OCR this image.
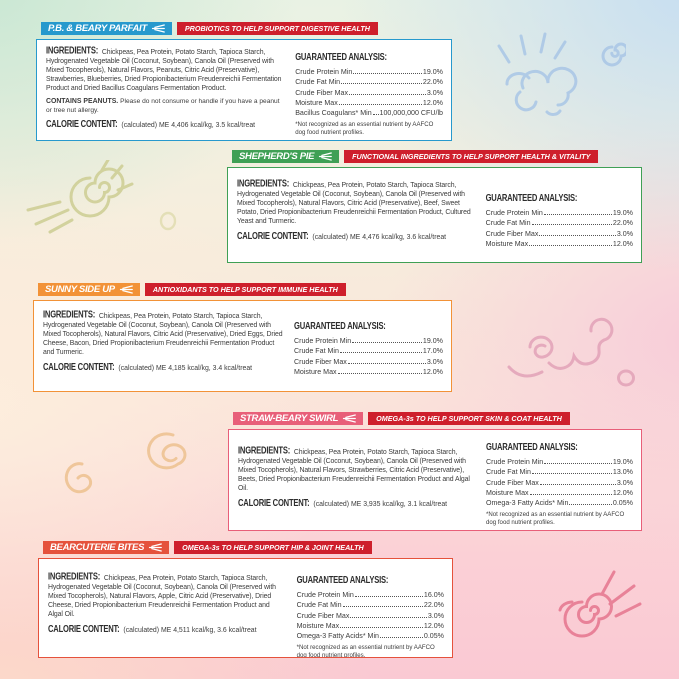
P.B. & BEARY PARFAIT	PROBIOTICS TO HELP SUPPORT DIGESTIVE HEALTH

INGREDIENTS: Chickpeas, Pea Protein, Potato Starch, Tapioca Starch, Hydrogenated Vegetable Oil (Coconut, Soybean), Canola Oil (Preserved with Mixed Tocopherols), Natural Flavors, Peanuts, Citric Acid (Preservative), Strawberries, Blueberries, Dried Propionibacterium Freudenreichii Fermentation Product and Dried Bacillus Coagulans Fermentation Product.

CONTAINS PEANUTS. Please do not consume or handle if you have a peanut or tree nut allergy.

CALORIE CONTENT: (calculated) ME 4,406 kcal/kg, 3.5 kcal/treat

GUARANTEED ANALYSIS:
Crude Protein Min	19.0%
Crude Fat Min	22.0%
Crude Fiber Max	3.0%
Moisture Max	12.0%
Bacillus Coagulans* Min 100,000,000 CFU/lb
*Not recognized as an essential nutrient by AAFCO dog food nutrient profiles.
SHEPHERD'S PIE	FUNCTIONAL INGREDIENTS TO HELP SUPPORT HEALTH & VITALITY

INGREDIENTS: Chickpeas, Pea Protein, Potato Starch, Tapioca Starch, Hydrogenated Vegetable Oil (Coconut, Soybean), Canola Oil (Preserved with Mixed Tocopherols), Natural Flavors, Citric Acid (Preservative), Beef, Sweet Potato, Dried Propionibacterium Freudenreichii Fermentation Product, Cultured Yeast and Turmeric.

CALORIE CONTENT: (calculated) ME 4,476 kcal/kg, 3.6 kcal/treat

GUARANTEED ANALYSIS:
Crude Protein Min	19.0%
Crude Fat Min	22.0%
Crude Fiber Max	3.0%
Moisture Max	12.0%
SUNNY SIDE UP	ANTIOXIDANTS TO HELP SUPPORT IMMUNE HEALTH

INGREDIENTS: Chickpeas, Pea Protein, Potato Starch, Tapioca Starch, Hydrogenated Vegetable Oil (Coconut, Soybean), Canola Oil (Preserved with Mixed Tocopherols), Natural Flavors, Citric Acid (Preservative), Dried Eggs, Dried Cheese, Bacon, Dried Propionibacterium Freudenreichii Fermentation Product and Turmeric.

CALORIE CONTENT: (calculated) ME 4,185 kcal/kg, 3.4 kcal/treat

GUARANTEED ANALYSIS:
Crude Protein Min	19.0%
Crude Fat Min	17.0%
Crude Fiber Max	3.0%
Moisture Max	12.0%
STRAW-BEARY SWIRL	OMEGA-3s TO HELP SUPPORT SKIN & COAT HEALTH

INGREDIENTS: Chickpeas, Pea Protein, Potato Starch, Tapioca Starch, Hydrogenated Vegetable Oil (Coconut, Soybean), Canola Oil (Preserved with Mixed Tocopherols), Natural Flavors, Strawberries, Citric Acid (Preservative), Beets, Dried Propionibacterium Freudenreichii Fermentation Product and Algal Oil.

CALORIE CONTENT: (calculated) ME 3,935 kcal/kg, 3.1 kcal/treat

GUARANTEED ANALYSIS:
Crude Protein Min	19.0%
Crude Fat Min	13.0%
Crude Fiber Max	3.0%
Moisture Max	12.0%
Omega-3 Fatty Acids* Min	0.05%
*Not recognized as an essential nutrient by AAFCO dog food nutrient profiles.
BEARCUTERIE BITES	OMEGA-3s TO HELP SUPPORT HIP & JOINT HEALTH

INGREDIENTS: Chickpeas, Pea Protein, Potato Starch, Tapioca Starch, Hydrogenated Vegetable Oil (Coconut, Soybean), Canola Oil (Preserved with Mixed Tocopherols), Natural Flavors, Apple, Citric Acid (Preservative), Dried Cheese, Dried Propionibacterium Freudenreichii Fermentation Product and Algal Oil.

CALORIE CONTENT: (calculated) ME 4,511 kcal/kg, 3.6 kcal/treat

GUARANTEED ANALYSIS:
Crude Protein Min	16.0%
Crude Fat Min	22.0%
Crude Fiber Max	3.0%
Moisture Max	12.0%
Omega-3 Fatty Acids* Min	0.05%
*Not recognized as an essential nutrient by AAFCO dog food nutrient profiles.
